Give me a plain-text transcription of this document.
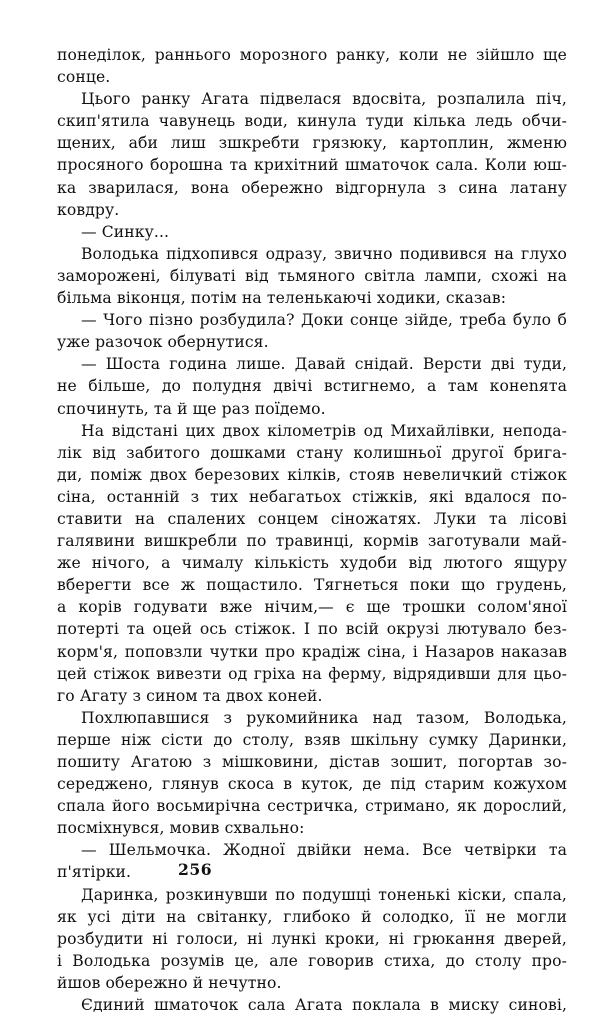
понеділок, раннього морозного ранку, коли не зійшло ще
сонце.
Цього ранку Агата підвелася вдосвіта, розпалила піч,
скип'ятила чавунець води, кинула туди кілька ледь обчи-
щених, аби лиш зшкребти грязюку, картоплин, жменю
просяного борошна та крихітний шматочок сала. Коли юш-
ка зварилася, вона обережно відгорнула з сина латану
ковдру.
— Синку...
Володька підхопився одразу, звично подивився на глухо
заморожені, білуваті від тьмяного світла лампи, схожі на
більма віконця, потім на теленькаючі ходики, сказав:
— Чого пізно розбудила? Доки сонце зійде, треба було б
уже разочок обернутися.
— Шоста година лише. Давай снідай. Версти дві туди,
не більше, до полудня двічі встигнемо, а там конenята
спочинуть, та й ще раз поїдемо.
На відстані цих двох кілометрів од Михайлівки, непода-
лік від забитого дошками стану колишньої другої брига-
ди, поміж двох березових кілків, стояв невеличкий стіжок
сіна, останній з тих небагатьох стіжків, які вдалося по-
ставити на спалених сонцем сіножатях. Луки та лісові
галявини вишкребли по травинці, кормів заготували май-
же нічого, а чималу кількість худоби від лютого ящуру
вберегти все ж пощастило. Тягнеться поки що грудень,
а корів годувати вже нічим,— є ще трошки солом'яної
потерті та оцей ось стіжок. І по всій окрузі лютувало без-
корм'я, поповзли чутки про крадіж сіна, і Назаров наказав
цей стіжок вивезти од гріха на ферму, відрядивши для цьо-
го Агату з сином та двох коней.
Похлюпавшися з рукомийника над тазом, Володька,
перше ніж сісти до столу, взяв шкільну сумку Даринки,
пошиту Агатою з мішковини, дістав зошит, погортав зо-
середжено, глянув скоса в куток, де під старим кожухом
спала його восьмирічна сестричка, стримано, як дорослий,
посміхнувся, мовив схвально:
— Шельмочка. Жодної двійки нема. Все четвірки та
п'ятірки.
Даринка, розкинувши по подушці тоненькі кіски, спала,
як усі діти на світанку, глибоко й солодко, її не могли
розбудити ні голоси, ні лункі кроки, ні грюкання дверей,
і Володька розумів це, але говорив стиха, до столу про-
йшов обережно й нечутно.
Єдиний шматочок сала Агата поклала в миску синові,
256
